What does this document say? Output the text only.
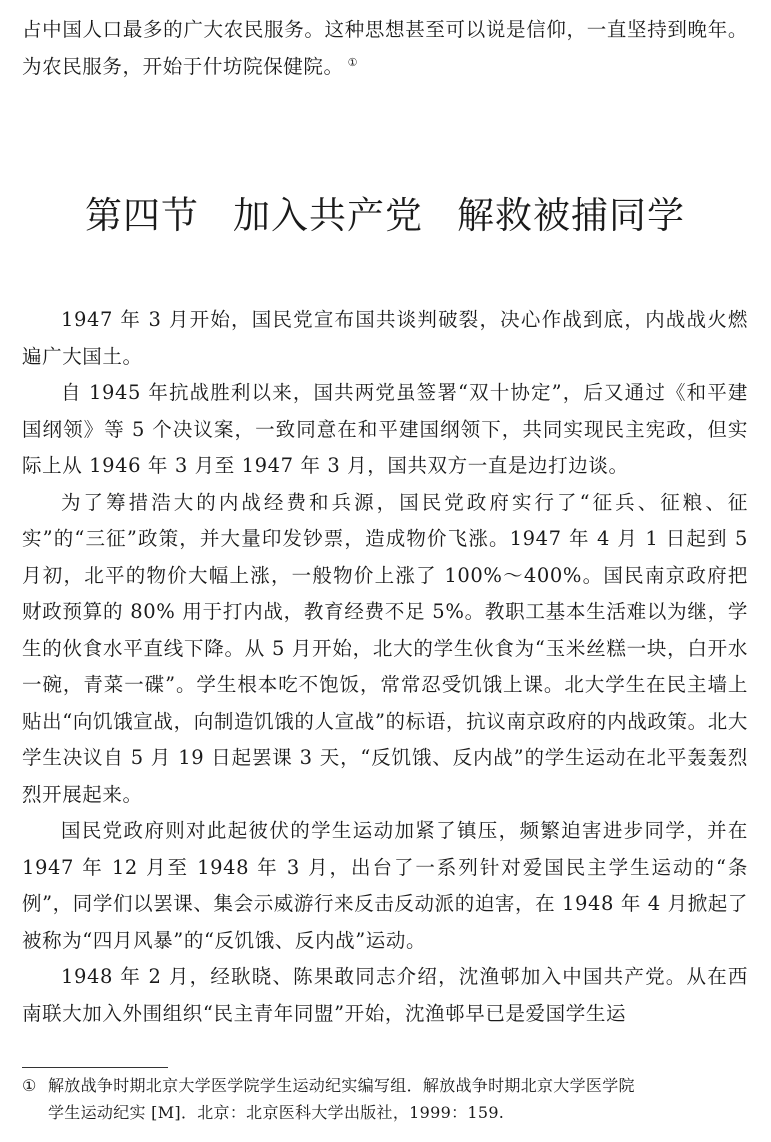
占中国人口最多的广大农民服务。这种思想甚至可以说是信仰，一直坚持到晚年。为农民服务，开始于什坊院保健院。 ①

第四节 加入共产党 解救被捕同学

1947 年 3 月开始，国民党宣布国共谈判破裂，决心作战到底，内战战火燃遍广大国土。

自 1945 年抗战胜利以来，国共两党虽签署“双十协定”，后又通过《和平建国纲领》等 5 个决议案，一致同意在和平建国纲领下，共同实现民主宪政，但实际上从 1946 年 3 月至 1947 年 3 月，国共双方一直是边打边谈。

为了筹措浩大的内战经费和兵源，国民党政府实行了“征兵、征粮、征实”的“三征”政策，并大量印发钞票，造成物价飞涨。1947 年 4 月 1 日起到 5 月初，北平的物价大幅上涨，一般物价上涨了 100%～400%。国民南京政府把财政预算的 80% 用于打内战，教育经费不足 5%。教职工基本生活难以为继，学生的伙食水平直线下降。从 5 月开始，北大的学生伙食为“玉米丝糕一块，白开水一碗，青菜一碟”。学生根本吃不饱饭，常常忍受饥饿上课。北大学生在民主墙上贴出“向饥饿宣战，向制造饥饿的人宣战”的标语，抗议南京政府的内战政策。北大学生决议自 5 月 19 日起罢课 3 天，“反饥饿、反内战”的学生运动在北平轰轰烈烈开展起来。

国民党政府则对此起彼伏的学生运动加紧了镇压，频繁迫害进步同学，并在 1947 年 12 月至 1948 年 3 月，出台了一系列针对爱国民主学生运动的“条例”，同学们以罢课、集会示威游行来反击反动派的迫害，在 1948 年 4 月掀起了被称为“四月风暴”的“反饥饿、反内战”运动。

1948 年 2 月，经耿晓、陈果敢同志介绍，沈渔邨加入中国共产党。从在西南联大加入外围组织“民主青年同盟”开始，沈渔邨早已是爱国学生运

① 解放战争时期北京大学医学院学生运动纪实编写组．解放战争时期北京大学医学院
学生运动纪实 [M]．北京：北京医科大学出版社，1999：159.
